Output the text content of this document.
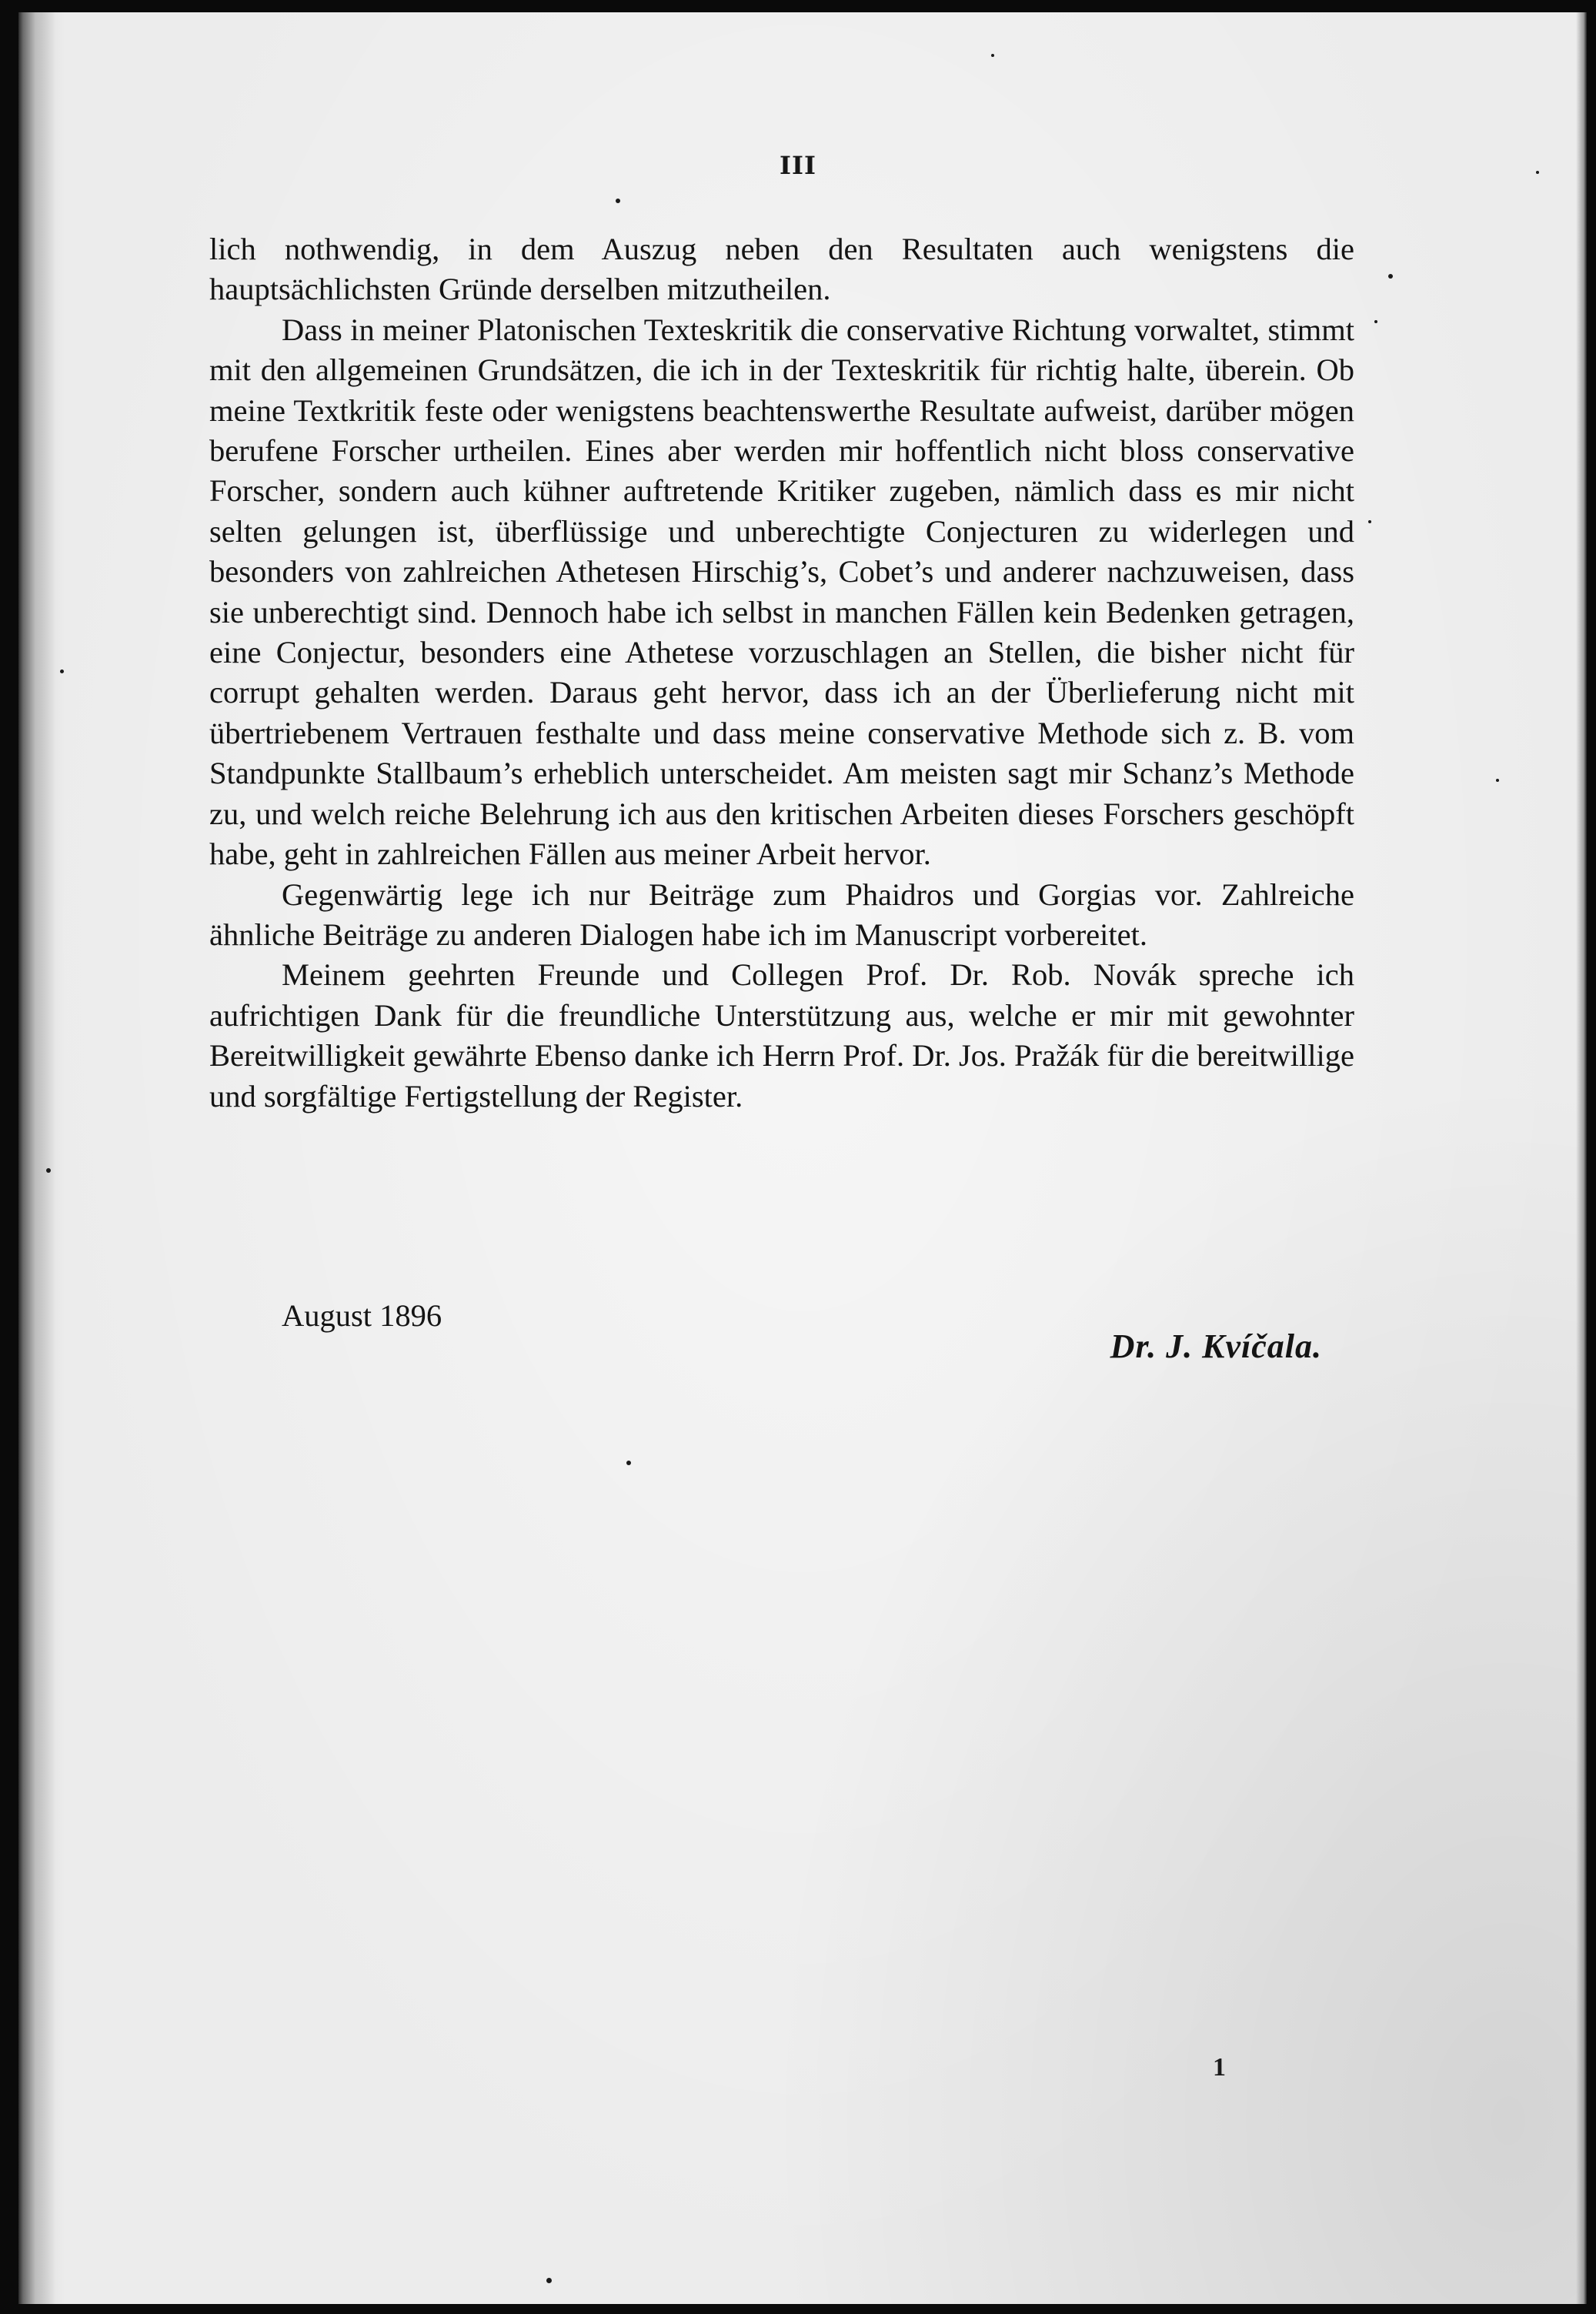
III

lich nothwendig, in dem Auszug neben den Resultaten auch wenigstens die hauptsächlichsten Gründe derselben mitzutheilen.

Dass in meiner Platonischen Texteskritik die conservative Richtung vorwaltet, stimmt mit den allgemeinen Grundsätzen, die ich in der Texteskritik für richtig halte, überein. Ob meine Textkritik feste oder wenigstens beachtenswerthe Resultate aufweist, darüber mögen berufene Forscher urtheilen. Eines aber werden mir hoffentlich nicht bloss conservative Forscher, sondern auch kühner auftretende Kritiker zugeben, nämlich dass es mir nicht selten gelungen ist, überflüssige und unberechtigte Conjecturen zu widerlegen und besonders von zahlreichen Athetesen Hirschig’s, Cobet’s und anderer nachzuweisen, dass sie unberechtigt sind. Dennoch habe ich selbst in manchen Fällen kein Bedenken getragen, eine Conjectur, besonders eine Athetese vorzuschlagen an Stellen, die bisher nicht für corrupt gehalten werden. Daraus geht hervor, dass ich an der Überlieferung nicht mit übertriebenem Vertrauen festhalte und dass meine conservative Methode sich z. B. vom Standpunkte Stallbaum’s erheblich unterscheidet. Am meisten sagt mir Schanz’s Methode zu, und welch reiche Belehrung ich aus den kritischen Arbeiten dieses Forschers geschöpft habe, geht in zahlreichen Fällen aus meiner Arbeit hervor.

Gegenwärtig lege ich nur Beiträge zum Phaidros und Gorgias vor. Zahlreiche ähnliche Beiträge zu anderen Dialogen habe ich im Manuscript vorbereitet.

Meinem geehrten Freunde und Collegen Prof. Dr. Rob. Novák spreche ich aufrichtigen Dank für die freundliche Unterstützung aus, welche er mir mit gewohnter Bereitwilligkeit gewährte Ebenso danke ich Herrn Prof. Dr. Jos. Pražák für die bereitwillige und sorgfältige Fertigstellung der Register.

August 1896
Dr. J. Kvíčala.
1
